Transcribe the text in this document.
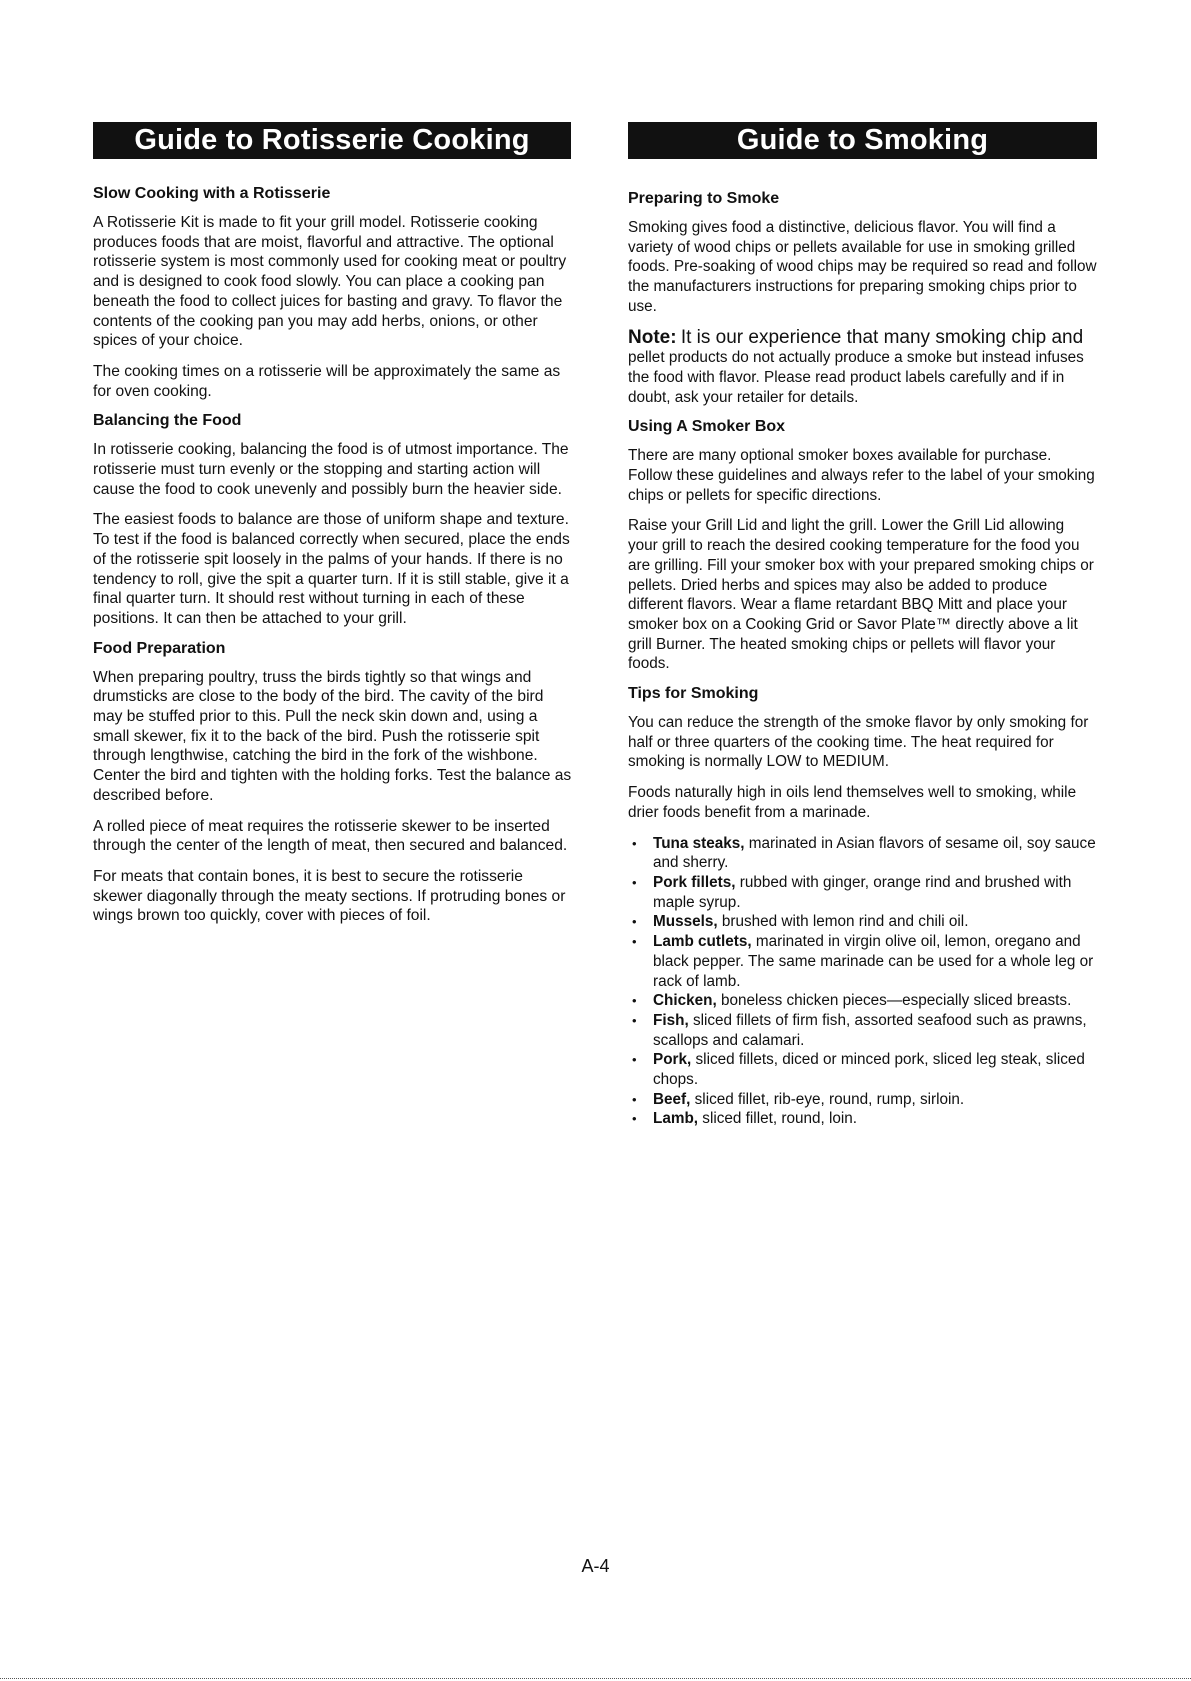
Guide to Rotisserie Cooking
Slow Cooking with a Rotisserie

A Rotisserie Kit is made to fit your grill model. Rotisserie cooking produces foods that are moist, flavorful and attractive. The optional rotisserie system is most commonly used for cooking meat or poultry and is designed to cook food slowly. You can place a cooking pan beneath the food to collect juices for basting and gravy. To flavor the contents of the cooking pan you may add herbs, onions, or other spices of your choice.

The cooking times on a rotisserie will be approximately the same as for oven cooking.

Balancing the Food

In rotisserie cooking, balancing the food is of utmost importance. The rotisserie must turn evenly or the stopping and starting action will cause the food to cook unevenly and possibly burn the heavier side.

The easiest foods to balance are those of uniform shape and texture. To test if the food is balanced correctly when secured, place the ends of the rotisserie spit loosely in the palms of your hands. If there is no tendency to roll, give the spit a quarter turn. If it is still stable, give it a final quarter turn. It should rest without turning in each of these positions. It can then be attached to your grill.

Food Preparation

When preparing poultry, truss the birds tightly so that wings and drumsticks are close to the body of the bird. The cavity of the bird may be stuffed prior to this. Pull the neck skin down and, using a small skewer, fix it to the back of the bird. Push the rotisserie spit through lengthwise, catching the bird in the fork of the wishbone. Center the bird and tighten with the holding forks. Test the balance as described before.

A rolled piece of meat requires the rotisserie skewer to be inserted through the center of the length of meat, then secured and balanced.

For meats that contain bones, it is best to secure the rotisserie skewer diagonally through the meaty sections. If protruding bones or wings brown too quickly, cover with pieces of foil.

Guide to Smoking
Preparing to Smoke

Smoking gives food a distinctive, delicious flavor. You will find a variety of wood chips or pellets available for use in smoking grilled foods. Pre-soaking of wood chips may be required so read and follow the manufacturers instructions for preparing smoking chips prior to use.

Note: It is our experience that many smoking chip and pellet products do not actually produce a smoke but instead infuses the food with flavor. Please read product labels carefully and if in doubt, ask your retailer for details.

Using A Smoker Box

There are many optional smoker boxes available for purchase. Follow these guidelines and always refer to the label of your smoking chips or pellets for specific directions.

Raise your Grill Lid and light the grill. Lower the Grill Lid allowing your grill to reach the desired cooking temperature for the food you are grilling. Fill your smoker box with your prepared smoking chips or pellets. Dried herbs and spices may also be added to produce different flavors. Wear a flame retardant BBQ Mitt and place your smoker box on a Cooking Grid or Savor Plate™ directly above a lit grill Burner. The heated smoking chips or pellets will flavor your foods.

Tips for Smoking

You can reduce the strength of the smoke flavor by only smoking for half or three quarters of the cooking time. The heat required for smoking is normally LOW to MEDIUM.

Foods naturally high in oils lend themselves well to smoking, while drier foods benefit from a marinade.

• Tuna steaks, marinated in Asian flavors of sesame oil, soy sauce and sherry.
• Pork fillets, rubbed with ginger, orange rind and brushed with maple syrup.
• Mussels, brushed with lemon rind and chili oil.
• Lamb cutlets, marinated in virgin olive oil, lemon, oregano and black pepper. The same marinade can be used for a whole leg or rack of lamb.
• Chicken, boneless chicken pieces—especially sliced breasts.
• Fish, sliced fillets of firm fish, assorted seafood such as prawns, scallops and calamari.
• Pork, sliced fillets, diced or minced pork, sliced leg steak, sliced chops.
• Beef, sliced fillet, rib-eye, round, rump, sirloin.
• Lamb, sliced fillet, round, loin.
A-4
